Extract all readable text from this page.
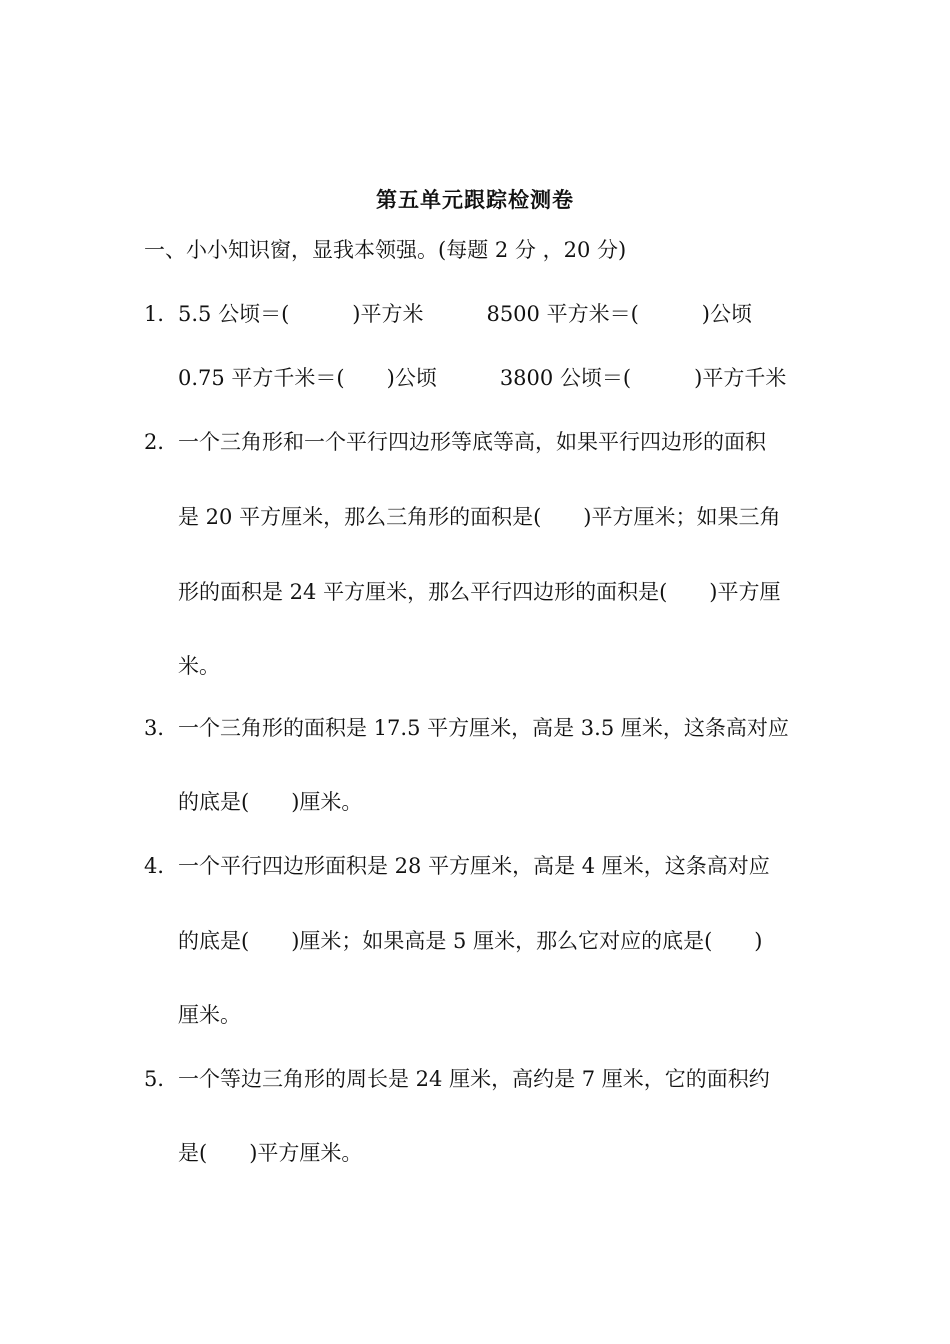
第五单元跟踪检测卷
一、小小知识窗，显我本领强。(每题 2 分 ，20 分)
1． 5.5 公顷＝(　　　)平方米　　　8500 平方米＝(　　　)公顷
0.75 平方千米＝(　　)公顷　　　3800 公顷＝(　　　)平方千米
2． 一个三角形和一个平行四边形等底等高，如果平行四边形的面积
是 20 平方厘米，那么三角形的面积是(　　)平方厘米；如果三角
形的面积是 24 平方厘米，那么平行四边形的面积是(　　)平方厘
米。
3． 一个三角形的面积是 17.5 平方厘米，高是 3.5 厘米，这条高对应
的底是(　　)厘米。
4． 一个平行四边形面积是 28 平方厘米，高是 4 厘米，这条高对应
的底是(　　)厘米；如果高是 5 厘米，那么它对应的底是(　　)
厘米。
5． 一个等边三角形的周长是 24 厘米，高约是 7 厘米，它的面积约
是(　　)平方厘米。
